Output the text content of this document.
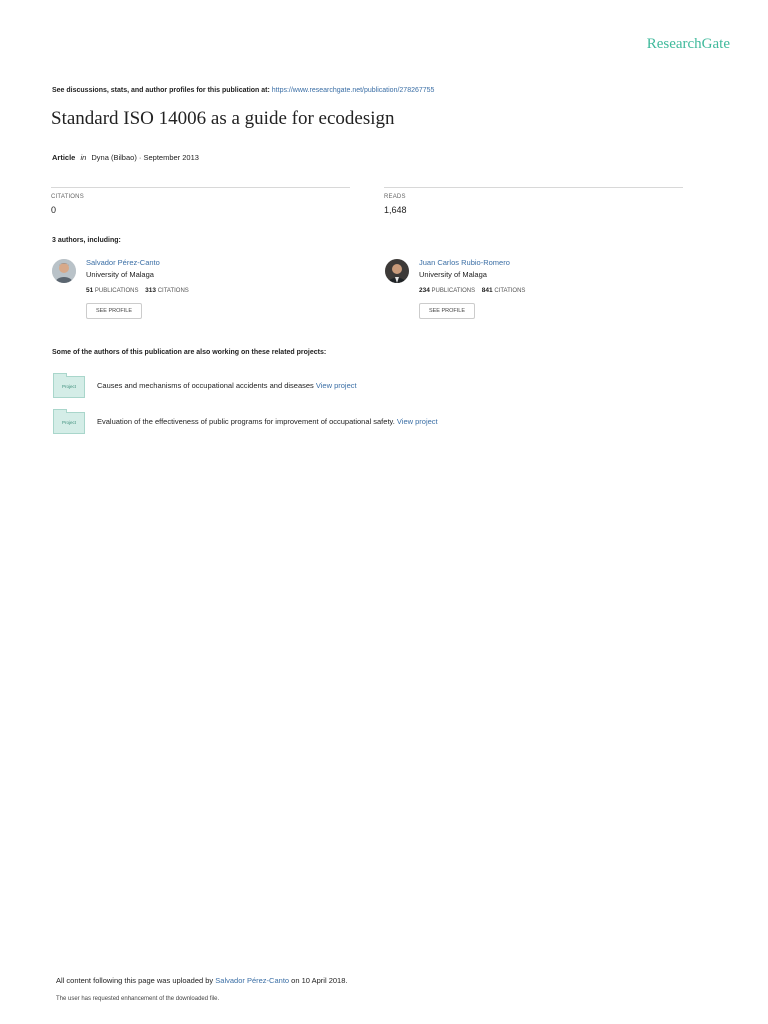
ResearchGate
See discussions, stats, and author profiles for this publication at: https://www.researchgate.net/publication/278267755
Standard ISO 14006 as a guide for ecodesign
Article in Dyna (Bilbao) · September 2013
CITATIONS
0
READS
1,648
3 authors, including:
Salvador Pérez-Canto
University of Malaga
51 PUBLICATIONS 313 CITATIONS
SEE PROFILE
Juan Carlos Rubio-Romero
University of Malaga
234 PUBLICATIONS 841 CITATIONS
SEE PROFILE
Some of the authors of this publication are also working on these related projects:
Project	Causes and mechanisms of occupational accidents and diseases View project
Project	Evaluation of the effectiveness of public programs for improvement of occupational safety. View project
All content following this page was uploaded by Salvador Pérez-Canto on 10 April 2018.
The user has requested enhancement of the downloaded file.
